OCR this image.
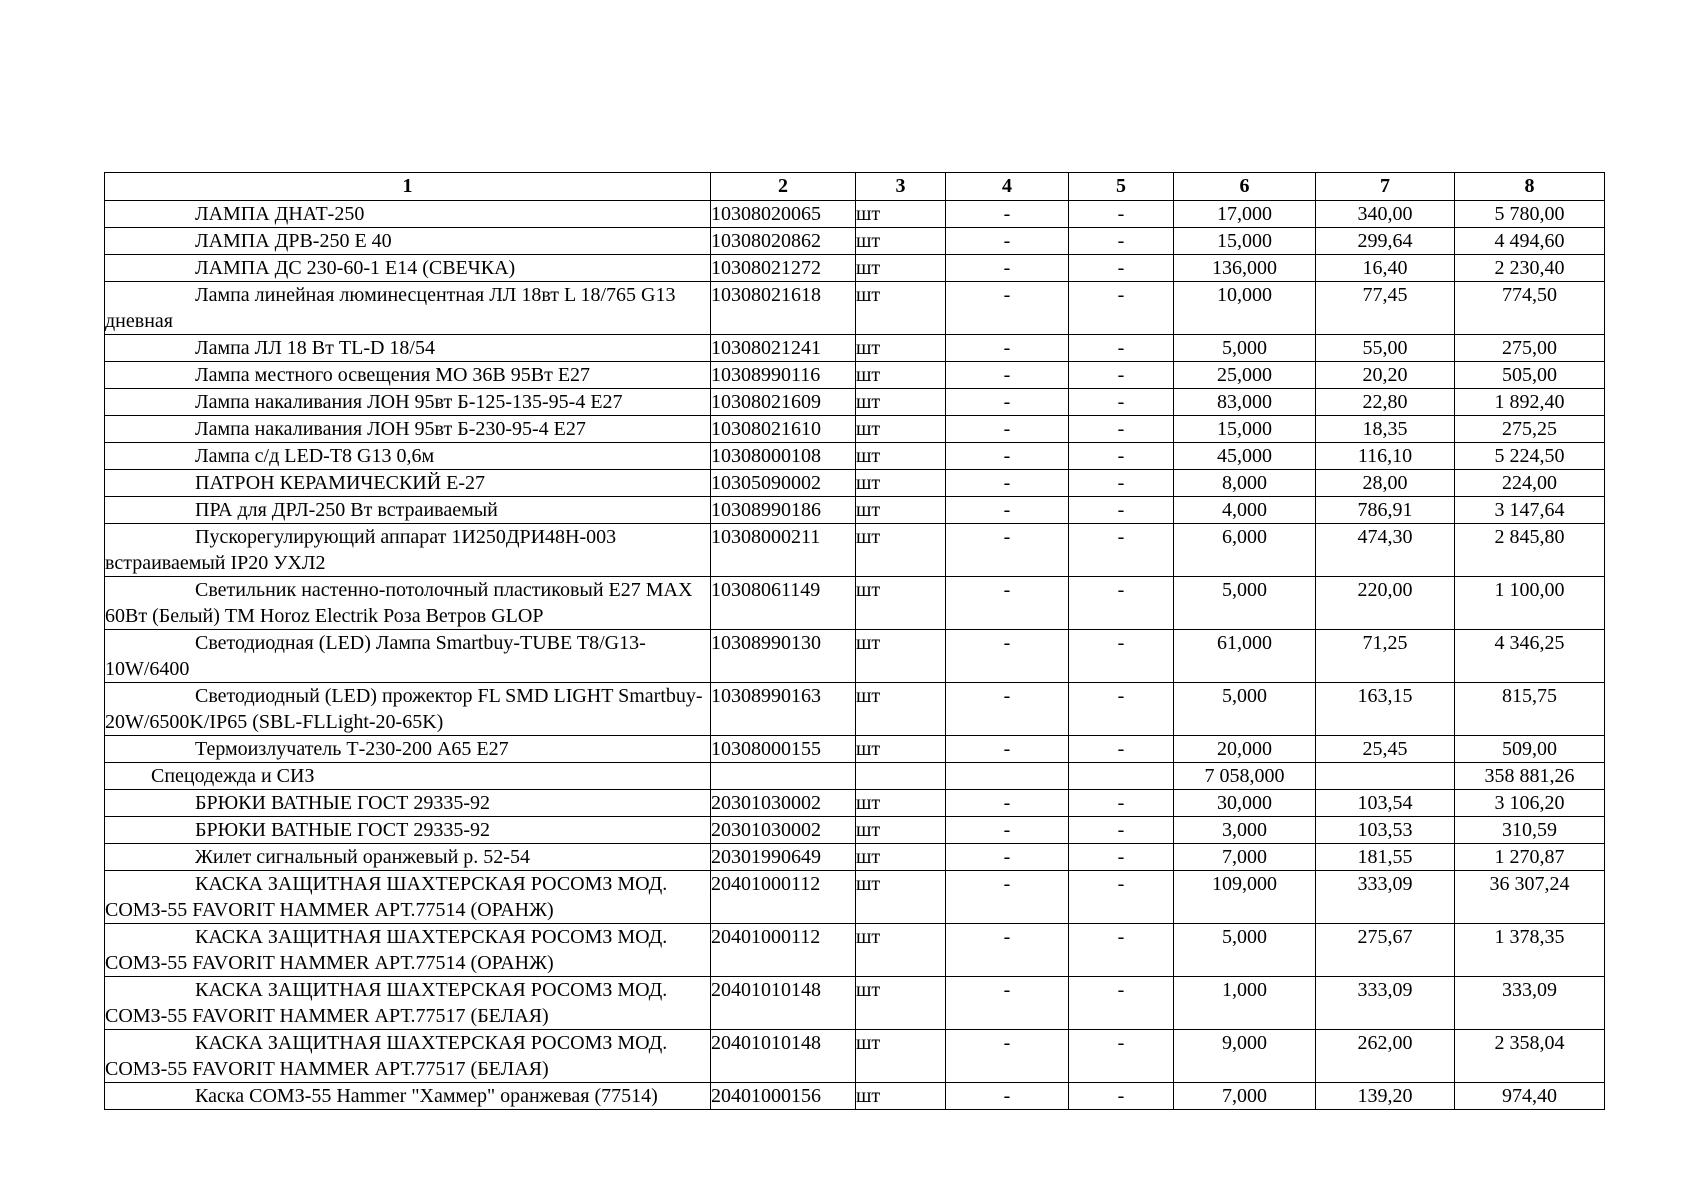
1	2	3	4	5	6	7	8
ЛАМПА ДНАТ-250	10308020065	шт	-	-	17,000	340,00	5 780,00
ЛАМПА ДРВ-250 Е 40	10308020862	шт	-	-	15,000	299,64	4 494,60
ЛАМПА ДС 230-60-1 Е14 (СВЕЧКА)	10308021272	шт	-	-	136,000	16,40	2 230,40
Лампа линейная люминесцентная ЛЛ 18вт L 18/765 G13 дневная	10308021618	шт	-	-	10,000	77,45	774,50
Лампа ЛЛ 18 Вт TL-D 18/54	10308021241	шт	-	-	5,000	55,00	275,00
Лампа местного освещения МО 36В 95Вт Е27	10308990116	шт	-	-	25,000	20,20	505,00
Лампа накаливания ЛОН 95вт Б-125-135-95-4 Е27	10308021609	шт	-	-	83,000	22,80	1 892,40
Лампа накаливания ЛОН 95вт Б-230-95-4 Е27	10308021610	шт	-	-	15,000	18,35	275,25
Лампа с/д LED-T8 G13 0,6м	10308000108	шт	-	-	45,000	116,10	5 224,50
ПАТРОН КЕРАМИЧЕСКИЙ Е-27	10305090002	шт	-	-	8,000	28,00	224,00
ПРА для ДРЛ-250 Вт встраиваемый	10308990186	шт	-	-	4,000	786,91	3 147,64
Пускорегулирующий аппарат 1И250ДРИ48Н-003 встраиваемый IP20 УХЛ2	10308000211	шт	-	-	6,000	474,30	2 845,80
Светильник настенно-потолочный пластиковый Е27 MAX 60Вт (Белый) TM Horoz Electrik Роза Ветров GLOP	10308061149	шт	-	-	5,000	220,00	1 100,00
Светодиодная (LED) Лампа Smartbuy-TUBE T8/G13-10W/6400	10308990130	шт	-	-	61,000	71,25	4 346,25
Светодиодный (LED) прожектор FL SMD LIGHT Smartbuy-20W/6500K/IP65 (SBL-FLLight-20-65K)	10308990163	шт	-	-	5,000	163,15	815,75
Термоизлучатель Т-230-200 А65 Е27	10308000155	шт	-	-	20,000	25,45	509,00
Спецодежда и СИЗ					7 058,000		358 881,26
БРЮКИ ВАТНЫЕ ГОСТ 29335-92	20301030002	шт	-	-	30,000	103,54	3 106,20
БРЮКИ ВАТНЫЕ ГОСТ 29335-92	20301030002	шт	-	-	3,000	103,53	310,59
Жилет сигнальный оранжевый р. 52-54	20301990649	шт	-	-	7,000	181,55	1 270,87
КАСКА ЗАЩИТНАЯ ШАХТЕРСКАЯ РОСОМЗ МОД. СОМЗ-55 FAVORIT HAMMER АРТ.77514 (ОРАНЖ)	20401000112	шт	-	-	109,000	333,09	36 307,24
КАСКА ЗАЩИТНАЯ ШАХТЕРСКАЯ РОСОМЗ МОД. СОМЗ-55 FAVORIT HAMMER АРТ.77514 (ОРАНЖ)	20401000112	шт	-	-	5,000	275,67	1 378,35
КАСКА ЗАЩИТНАЯ ШАХТЕРСКАЯ РОСОМЗ МОД. СОМЗ-55 FAVORIT HAMMER АРТ.77517 (БЕЛАЯ)	20401010148	шт	-	-	1,000	333,09	333,09
КАСКА ЗАЩИТНАЯ ШАХТЕРСКАЯ РОСОМЗ МОД. СОМЗ-55 FAVORIT HAMMER АРТ.77517 (БЕЛАЯ)	20401010148	шт	-	-	9,000	262,00	2 358,04
Каска СОМЗ-55 Hammer "Хаммер" оранжевая (77514)	20401000156	шт	-	-	7,000	139,20	974,40
